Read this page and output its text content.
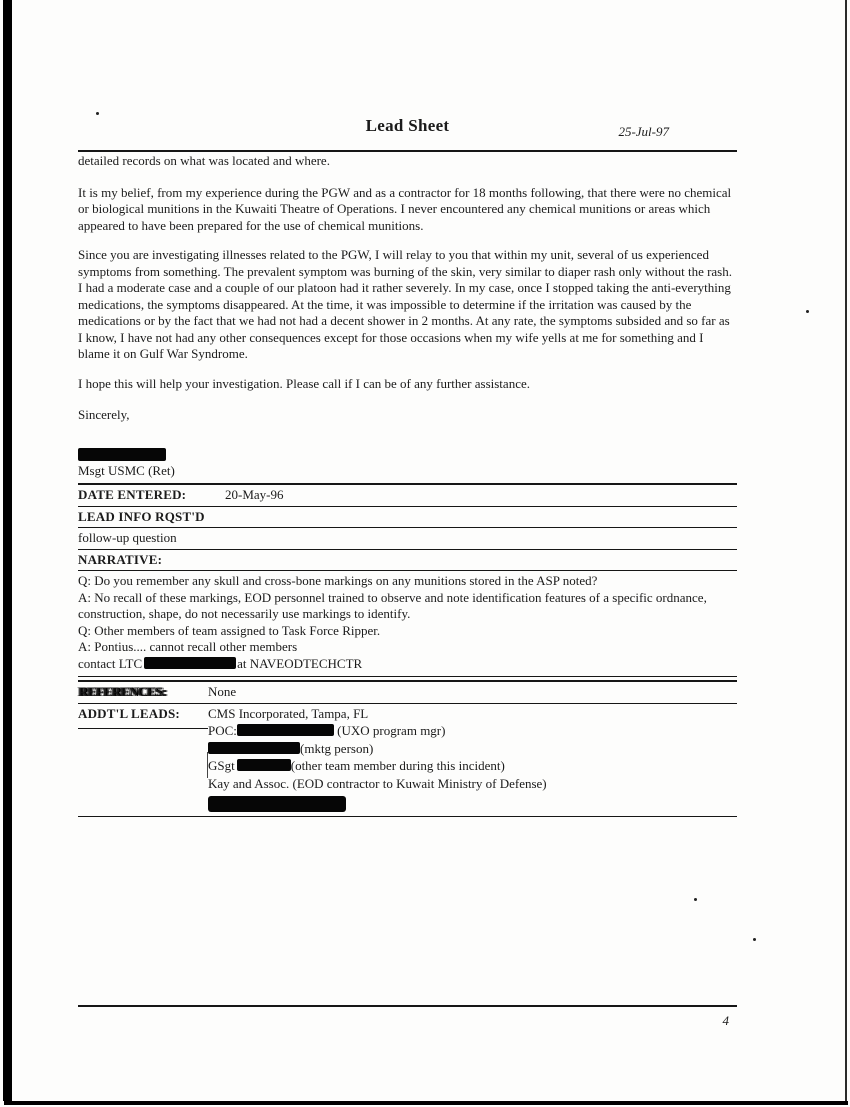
Lead Sheet	25-Jul-97
detailed records on what was located and where.

It is my belief, from my experience during the PGW and as a contractor for 18 months following, that there were no chemical or biological munitions in the Kuwaiti Theatre of Operations. I never encountered any chemical munitions or areas which appeared to have been prepared for the use of chemical munitions.

Since you are investigating illnesses related to the PGW, I will relay to you that within my unit, several of us experienced symptoms from something. The prevalent symptom was burning of the skin, very similar to diaper rash only without the rash. I had a moderate case and a couple of our platoon had it rather severely. In my case, once I stopped taking the anti-everything medications, the symptoms disappeared. At the time, it was impossible to determine if the irritation was caused by the medications or by the fact that we had not had a decent shower in 2 months. At any rate, the symptoms subsided and so far as I know, I have not had any other consequences except for those occasions when my wife yells at me for something and I blame it on Gulf War Syndrome.

I hope this will help your investigation. Please call if I can be of any further assistance.

Sincerely,
Msgt USMC (Ret)
DATE ENTERED:	20-May-96
LEAD INFO RQST'D
follow-up question
NARRATIVE:
Q: Do you remember any skull and cross-bone markings on any munitions stored in the ASP noted?
A: No recall of these markings, EOD personnel trained to observe and note identification features of a specific ordnance, construction, shape, do not necessarily use markings to identify.
Q: Other members of team assigned to Task Force Ripper.
A: Pontius.... cannot recall other members
contact LTC	at NAVEODTECHCTR
REFERENCES:	None
ADDT'L LEADS:	CMS Incorporated, Tampa, FL
POC:	(UXO program mgr)
(mktg person)
GSgt	(other team member during this incident)
Kay and Assoc. (EOD contractor to Kuwait Ministry of Defense)
4
